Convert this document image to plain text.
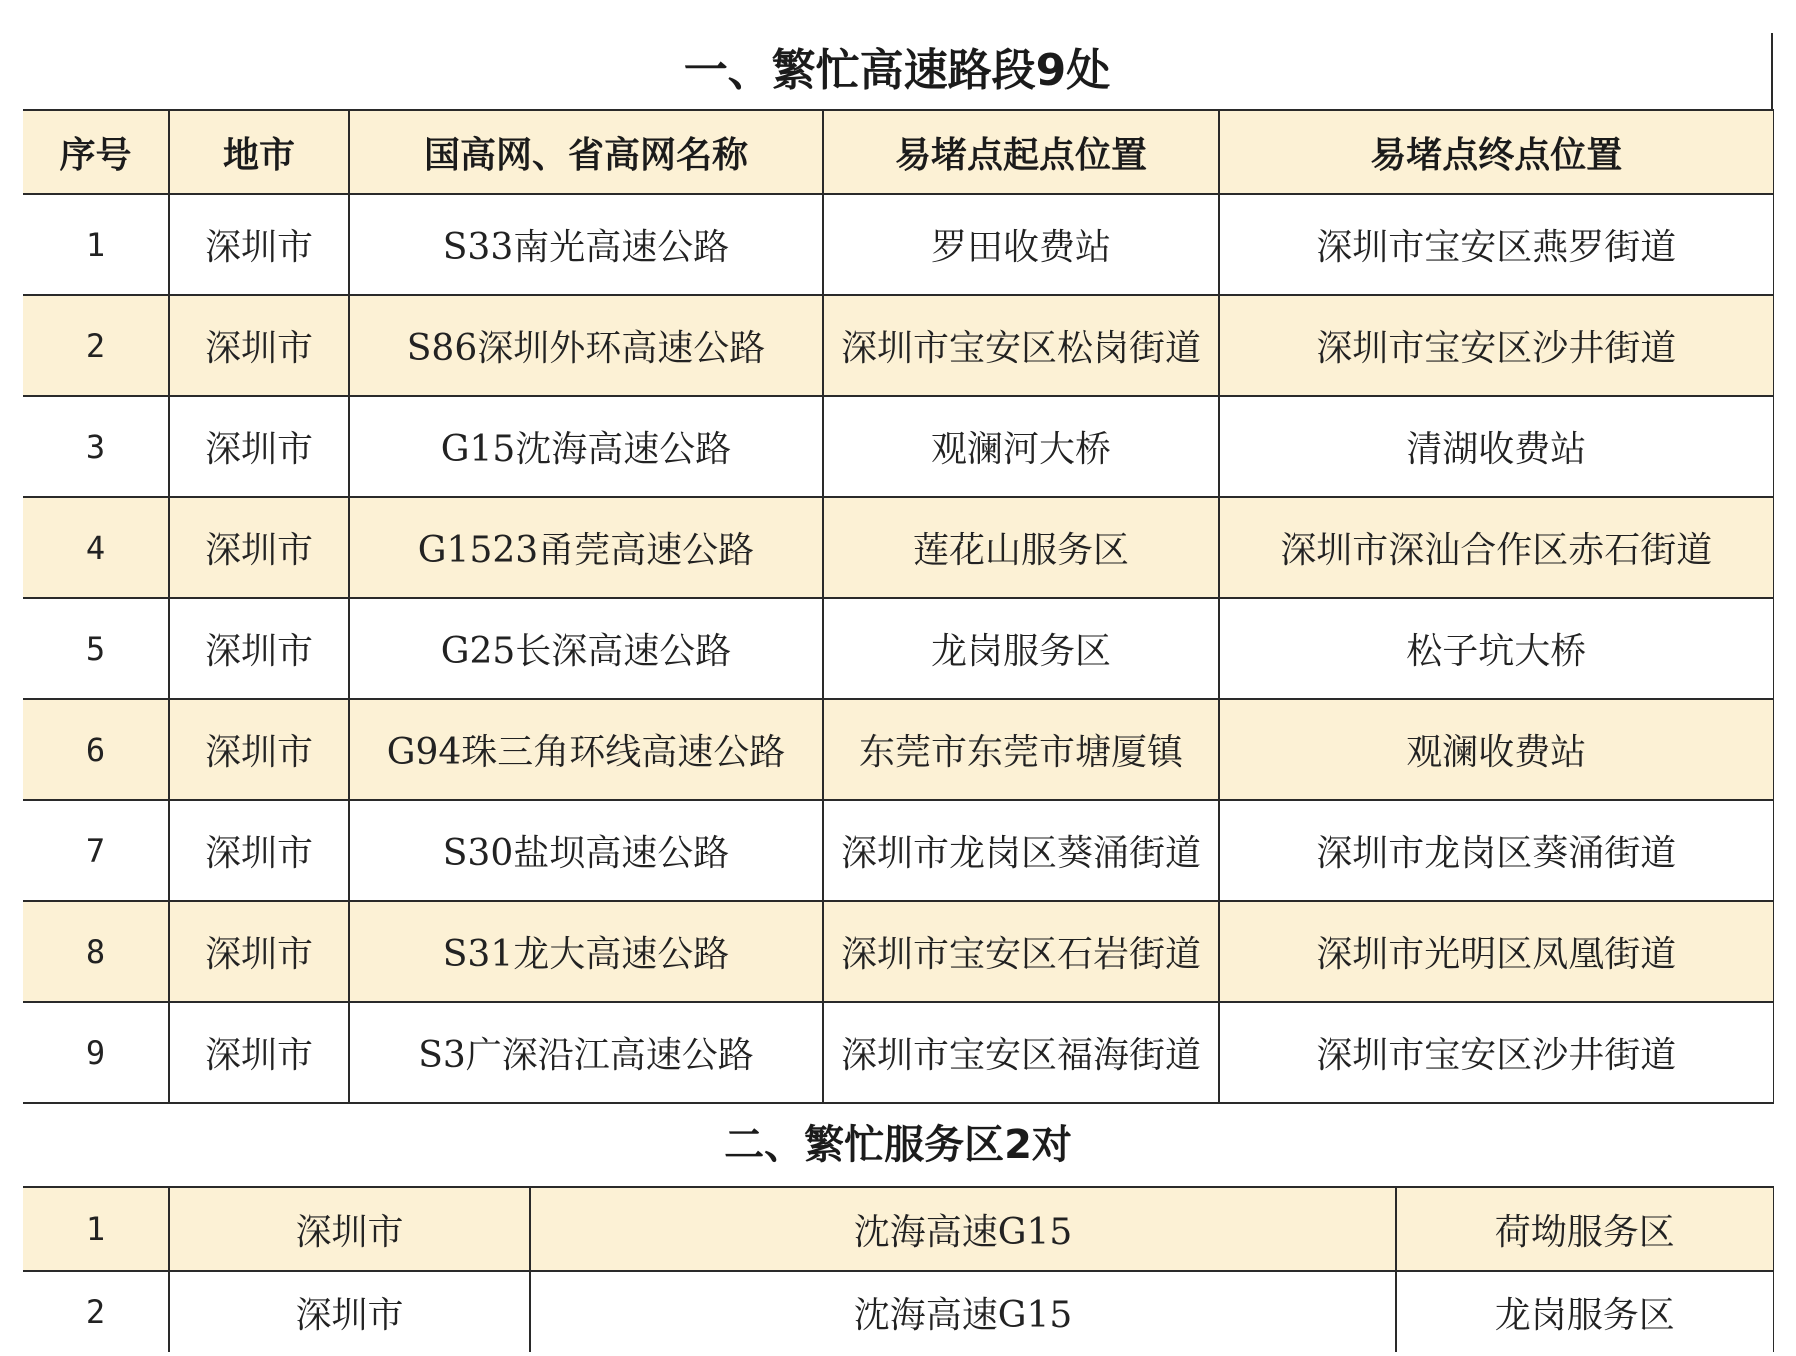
一、繁忙高速路段9处
序号	地市	国高网、省高网名称	易堵点起点位置	易堵点终点位置
1	深圳市	S33南光高速公路	罗田收费站	深圳市宝安区燕罗街道
2	深圳市	S86深圳外环高速公路	深圳市宝安区松岗街道	深圳市宝安区沙井街道
3	深圳市	G15沈海高速公路	观澜河大桥	清湖收费站
4	深圳市	G1523甬莞高速公路	莲花山服务区	深圳市深汕合作区赤石街道
5	深圳市	G25长深高速公路	龙岗服务区	松子坑大桥
6	深圳市	G94珠三角环线高速公路	东莞市东莞市塘厦镇	观澜收费站
7	深圳市	S30盐坝高速公路	深圳市龙岗区葵涌街道	深圳市龙岗区葵涌街道
8	深圳市	S31龙大高速公路	深圳市宝安区石岩街道	深圳市光明区凤凰街道
9	深圳市	S3广深沿江高速公路	深圳市宝安区福海街道	深圳市宝安区沙井街道
二、繁忙服务区2对
1	深圳市	沈海高速G15	荷坳服务区
2	深圳市	沈海高速G15	龙岗服务区
